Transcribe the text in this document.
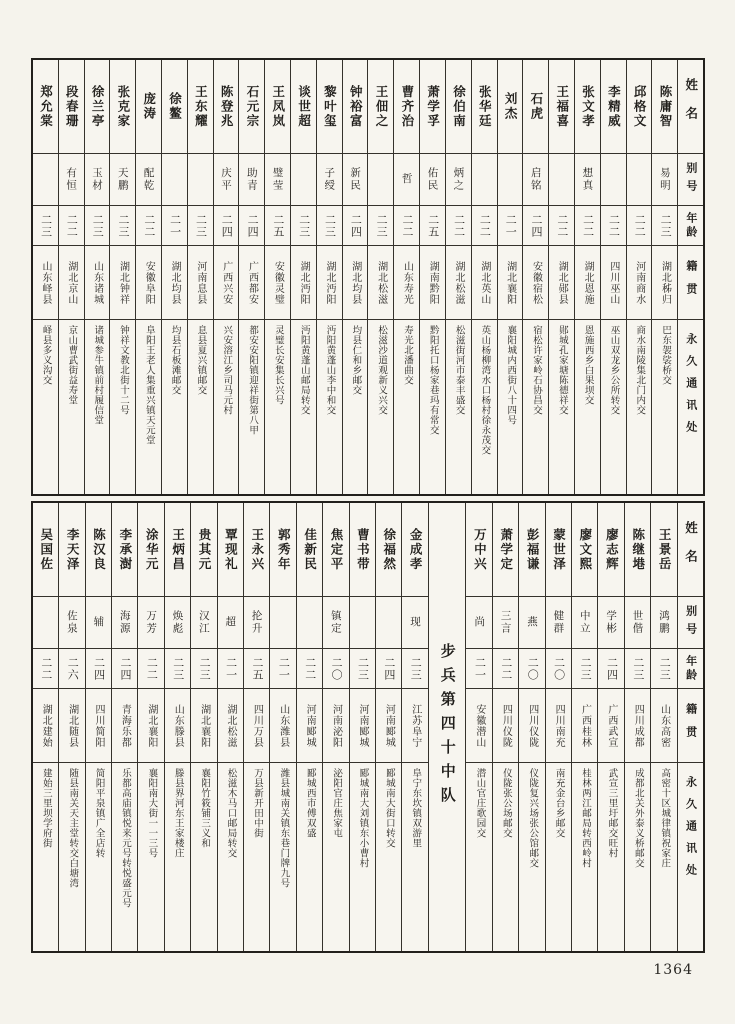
姓名
别号
年龄
籍贯
永久通讯处
陈庸智
易明
二三
湖北秭归
巴东袈裟桥交
邱格文
二二
河南商水
商水南陵集北门内交
李精威
二二
四川巫山
巫山双龙乡公所转交
张文孝
想真
二二
湖北恩施
恩施西乡白果坝交
王福喜
二二
湖北郧县
郧城孔家塘陈德祥交
石虎
启铭
二四
安徽宿松
宿松许家岭石协昌交
刘杰
二一
湖北襄阳
襄阳城内西街八十四号
张华廷
二二
湖北英山
英山杨柳湾水口杨村徐永茂交
徐伯南
炳之
二二
湖北松滋
松滋街河市泰丰盛交
萧学孚
佑民
二五
湖南黔阳
黔阳托口杨家巷玛有常交
曹齐治
哲
二二
山东寿光
寿光北潘曲交
王佃之
二三
湖北松滋
松滋沙道观新义兴交
钟裕富
新民
二四
湖北均县
均县仁和乡邮交
黎叶玺
子绶
二三
湖北沔阳
沔阳黄蓬山李中和交
谈世超
二三
湖北沔阳
沔阳黄蓬山邮局转交
王凤岚
璧莹
二五
安徽灵璧
灵璧长安集长兴号
石元宗
助青
二四
广西都安
都安安阳镇迎祥街第八甲
陈登兆
庆平
二四
广西兴安
兴安溶江乡司马元村
王东耀
二三
河南息县
息县夏兴镇邮交
徐鳌
二一
湖北均县
均县石板滩邮交
庞涛
配乾
二二
安徽阜阳
阜阳王老人集重兴镇天元堂
张克家
天鹏
二三
湖北钟祥
钟祥文教北街十二号
徐兰亭
玉材
二三
山东诸城
诸城参牛镇前村履信堂
段春珊
有恒
二二
湖北京山
京山曹武街益寿堂
郑允棠
二三
山东峄县
峄县多义沟交
姓名
别号
年龄
籍贯
永久通讯处
王景岳
鸿鹏
二三
山东高密
高密十区城律镇祝家庄
陈继塂
世偕
二三
四川成都
成都北关外泰义桥邮交
廖志辉
学彬
二四
广西武宣
武宣三里圩邮交旺村
廖文熙
中立
二三
广西桂林
桂林两江邮局转西岭村
蒙世泽
健群
二〇
四川南充
南充金台乡邮交
彭福谦
燕
二〇
四川仪陇
仪陇复兴场张公馆邮交
萧学定
三言
二二
四川仪陇
仪陇张公场邮交
万中兴
尚
二一
安徽潜山
潜山官庄歌园交
步兵第四十中队
金成孝
现
二三
江苏阜宁
阜宁东坎镇双游里
徐福然
二四
河南郾城
郾城南大街口转交
曹书带
二三
河南郾城
郾城南大刘镇东小曹村
焦定平
镇定
二〇
河南泌阳
泌阳官庄焦家屯
佳新民
二二
河南郾城
郾城西市傅双盛
郭秀年
二一
山东潍县
潍县城南关镇东巷门牌九号
王永兴
抡升
二五
四川万县
万县新开田中街
覃现礼
超
二一
湖北松滋
松滋木马口邮局转交
贵其元
汉江
二三
湖北襄阳
襄阳竹筱铺三义和
王炳昌
焕彪
二三
山东滕县
滕县界河东王家楼庄
涂华元
万芳
二二
湖北襄阳
襄阳南大街一一三号
李承澍
海源
二四
青海乐都
乐都高庙镇悦来元号转悦盛元号
陈汉良
辅
二四
四川简阳
简阳平泉镇广全店转
李天泽
佐泉
二六
湖北随县
随县南关天主堂转交白塘湾
吴国佐
二二
湖北建始
建始三里坝学府街
1364
